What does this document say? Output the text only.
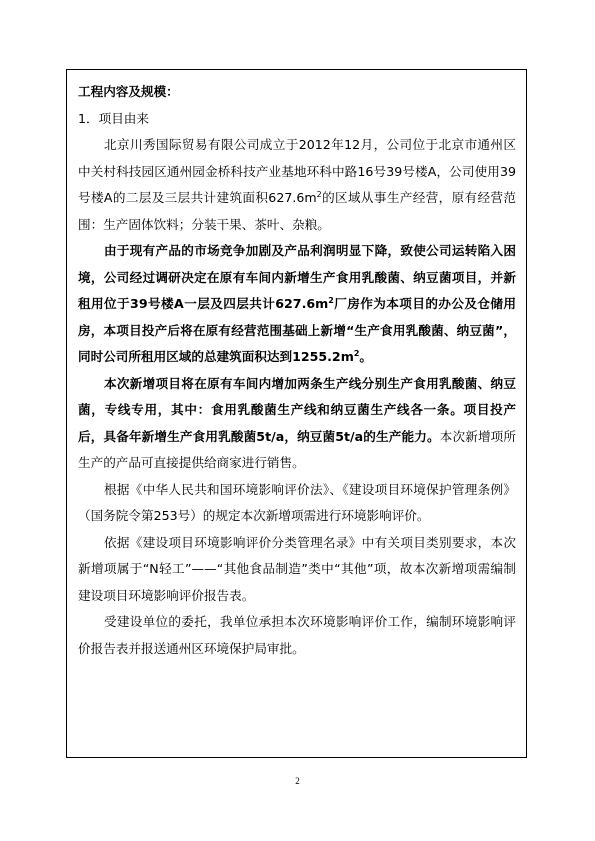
工程内容及规模：

1．项目由来

北京川秀国际贸易有限公司成立于2012年12月，公司位于北京市通州区中关村科技园区通州园金桥科技产业基地环科中路16号39号楼A，公司使用39号楼A的二层及三层共计建筑面积$627.6m^2$的区域从事生产经营，原有经营范围：生产固体饮料；分装干果、茶叶、杂粮。

由于现有产品的市场竞争加剧及产品利润明显下降，致使公司运转陷入困境，公司经过调研决定在原有车间内新增生产食用乳酸菌、纳豆菌项目，并新租用位于39号楼A一层及四层共计$627.6m^2$厂房作为本项目的办公及仓储用房，本项目投产后将在原有经营范围基础上新增“生产食用乳酸菌、纳豆菌”，同时公司所租用区域的总建筑面积达到$1255.2m^2$。

本次新增项目将在原有车间内增加两条生产线分别生产食用乳酸菌、纳豆菌，专线专用，其中：食用乳酸菌生产线和纳豆菌生产线各一条。项目投产后，具备年新增生产食用乳酸菌5t/a，纳豆菌5t/a的生产能力。本次新增项所生产的产品可直接提供给商家进行销售。

根据《中华人民共和国环境影响评价法》、《建设项目环境保护管理条例》（国务院令第253号）的规定本次新增项需进行环境影响评价。

依据《建设项目环境影响评价分类管理名录》中有关项目类别要求，本次新增项属于“N轻工”——“其他食品制造”类中“其他”项，故本次新增项需编制建设项目环境影响评价报告表。

受建设单位的委托，我单位承担本次环境影响评价工作，编制环境影响评价报告表并报送通州区环境保护局审批。

2
